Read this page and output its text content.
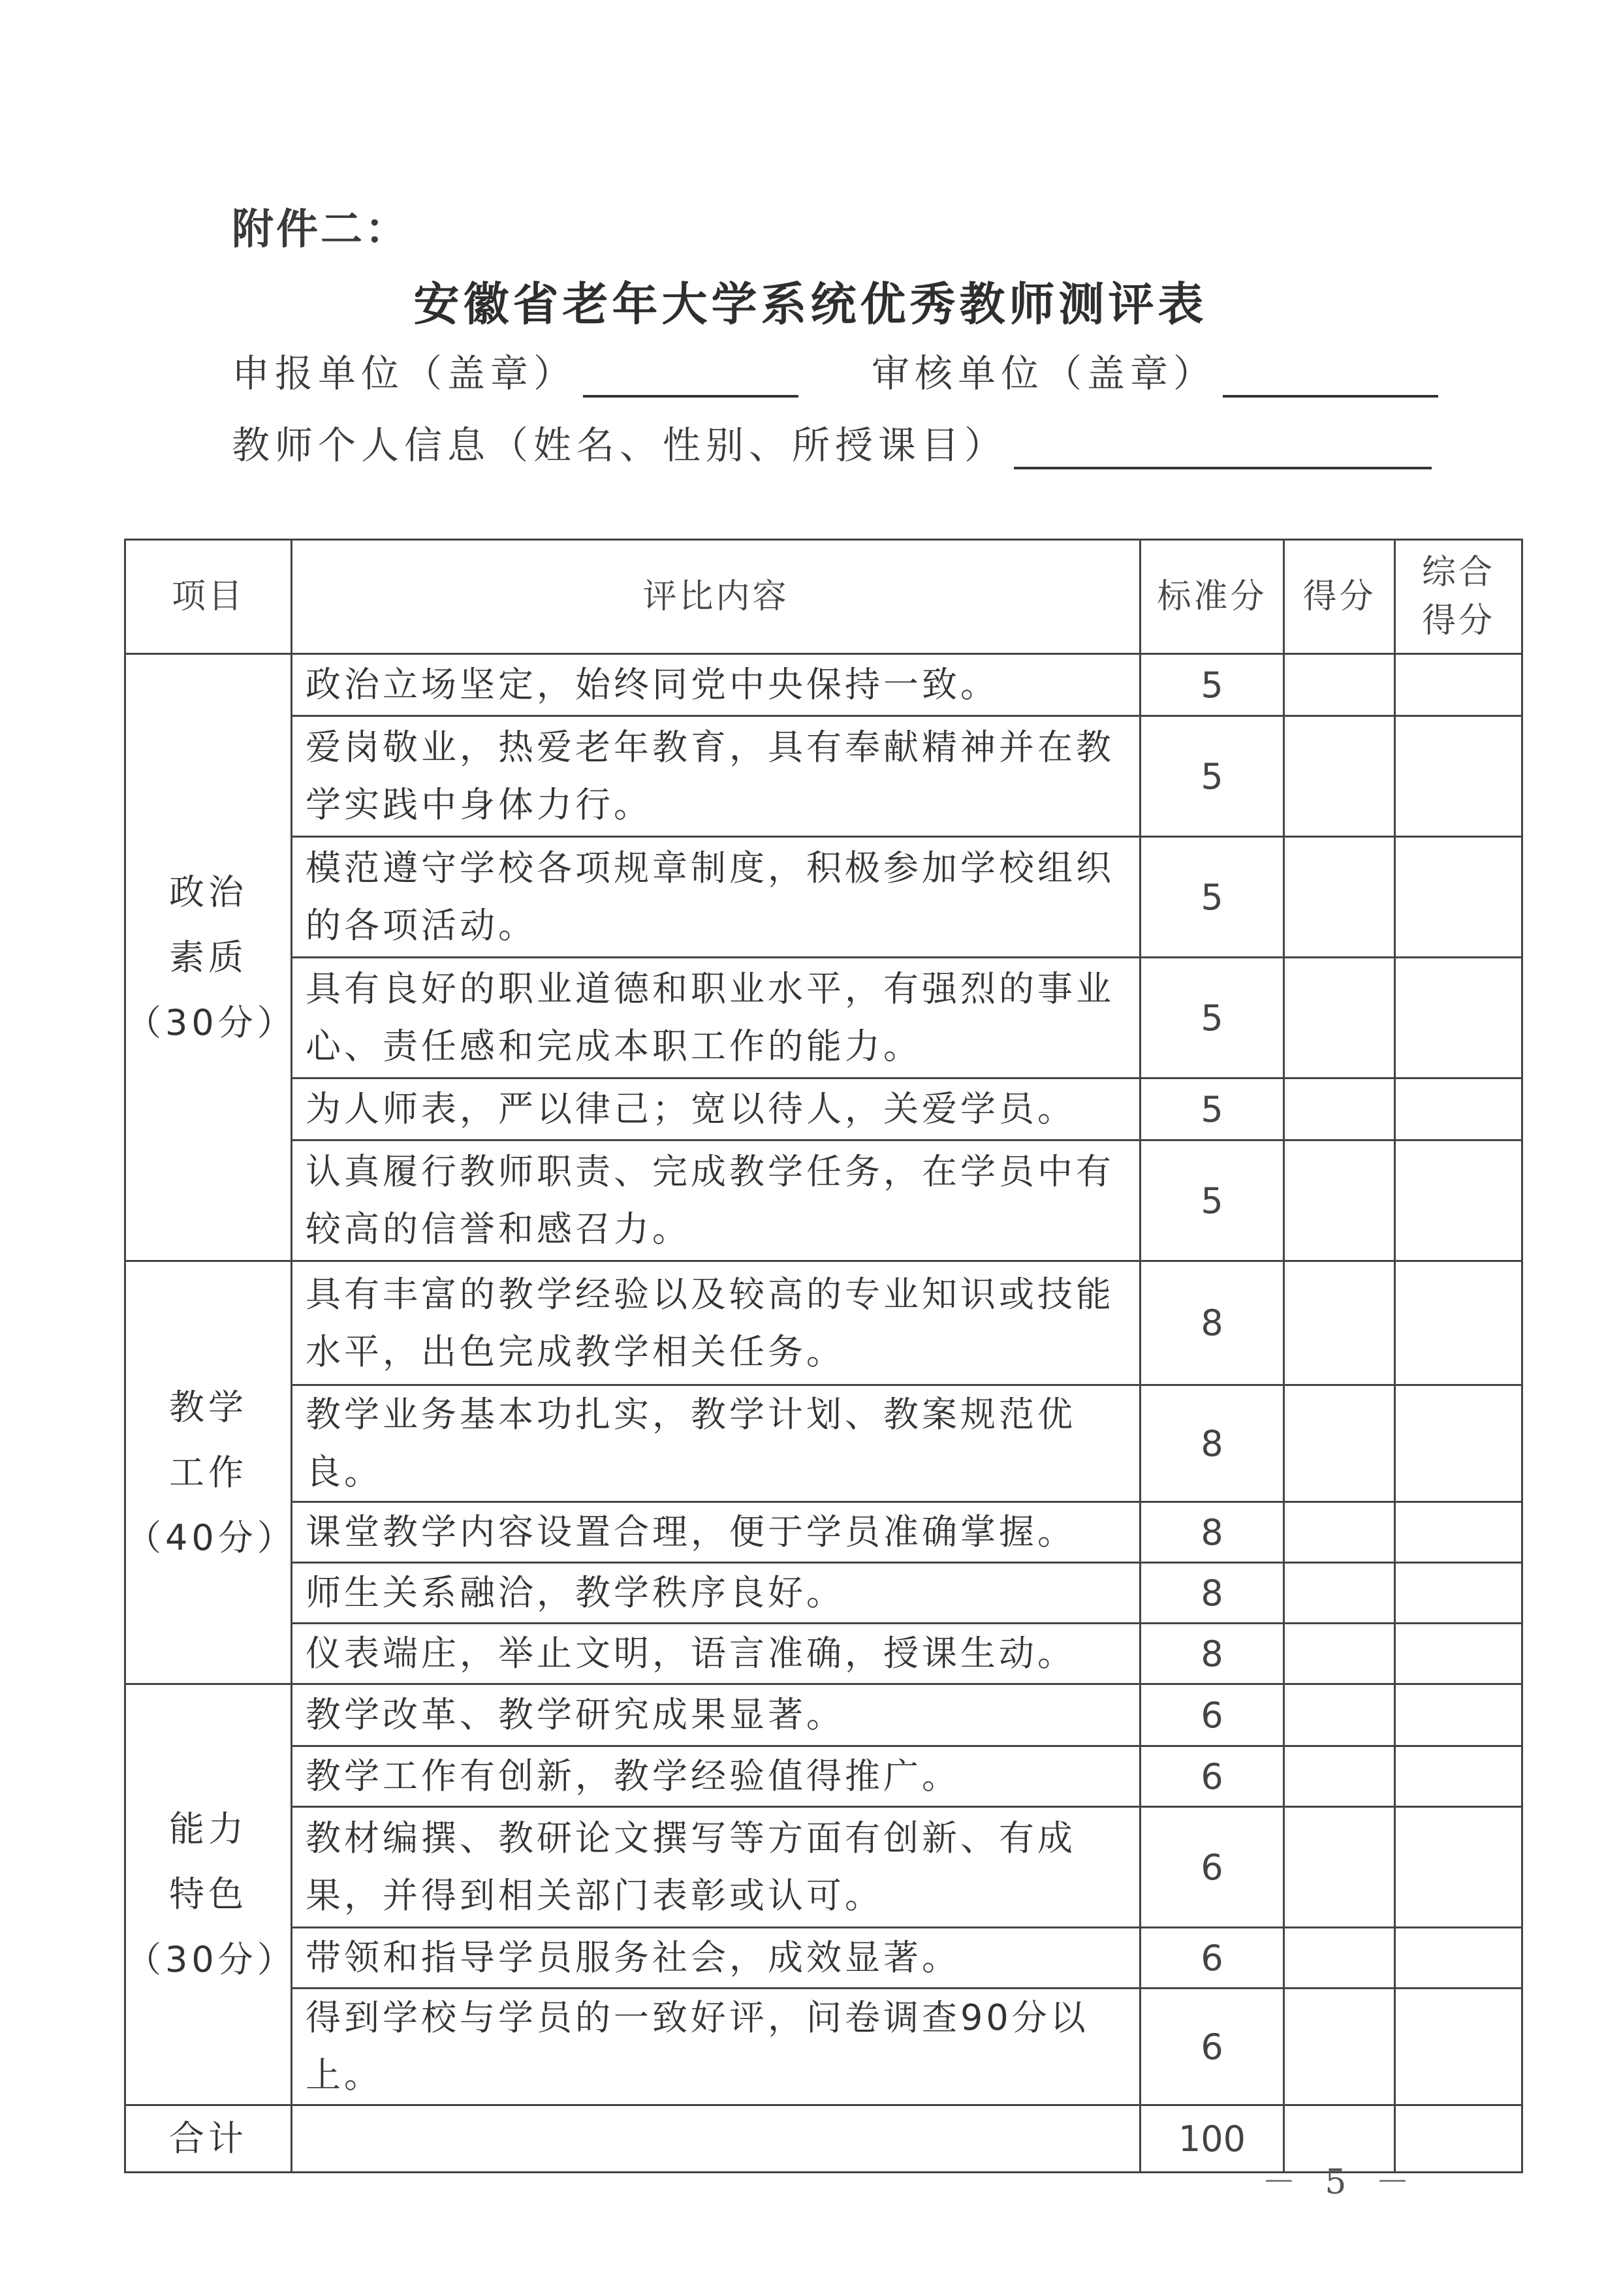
附件二：
安徽省老年大学系统优秀教师测评表
申报单位（盖章）	审核单位（盖章）
教师个人信息（姓名、性别、所授课目）
项目	评比内容	标准分	得分	综合
得分

政治
素质
（30分）	政治立场坚定，始终同党中央保持一致。	5		
	爱岗敬业，热爱老年教育，具有奉献精神并在教学实践中身体力行。	5		
	模范遵守学校各项规章制度，积极参加学校组织的各项活动。	5		
	具有良好的职业道德和职业水平，有强烈的事业心、责任感和完成本职工作的能力。	5		
	为人师表，严以律己；宽以待人，关爱学员。	5		
	认真履行教师职责、完成教学任务，在学员中有较高的信誉和感召力。	5		

教学
工作
（40分）	具有丰富的教学经验以及较高的专业知识或技能水平，出色完成教学相关任务。	8		
	教学业务基本功扎实，教学计划、教案规范优良。	8		
	课堂教学内容设置合理，便于学员准确掌握。	8		
	师生关系融洽，教学秩序良好。	8		
	仪表端庄，举止文明，语言准确，授课生动。	8		

能力
特色
（30分）	教学改革、教学研究成果显著。	6		
	教学工作有创新，教学经验值得推广。	6		
	教材编撰、教研论文撰写等方面有创新、有成果，并得到相关部门表彰或认可。	6		
	带领和指导学员服务社会，成效显著。	6		
	得到学校与学员的一致好评，问卷调查90分以上。	6		
合计		100		
－ 5 －
